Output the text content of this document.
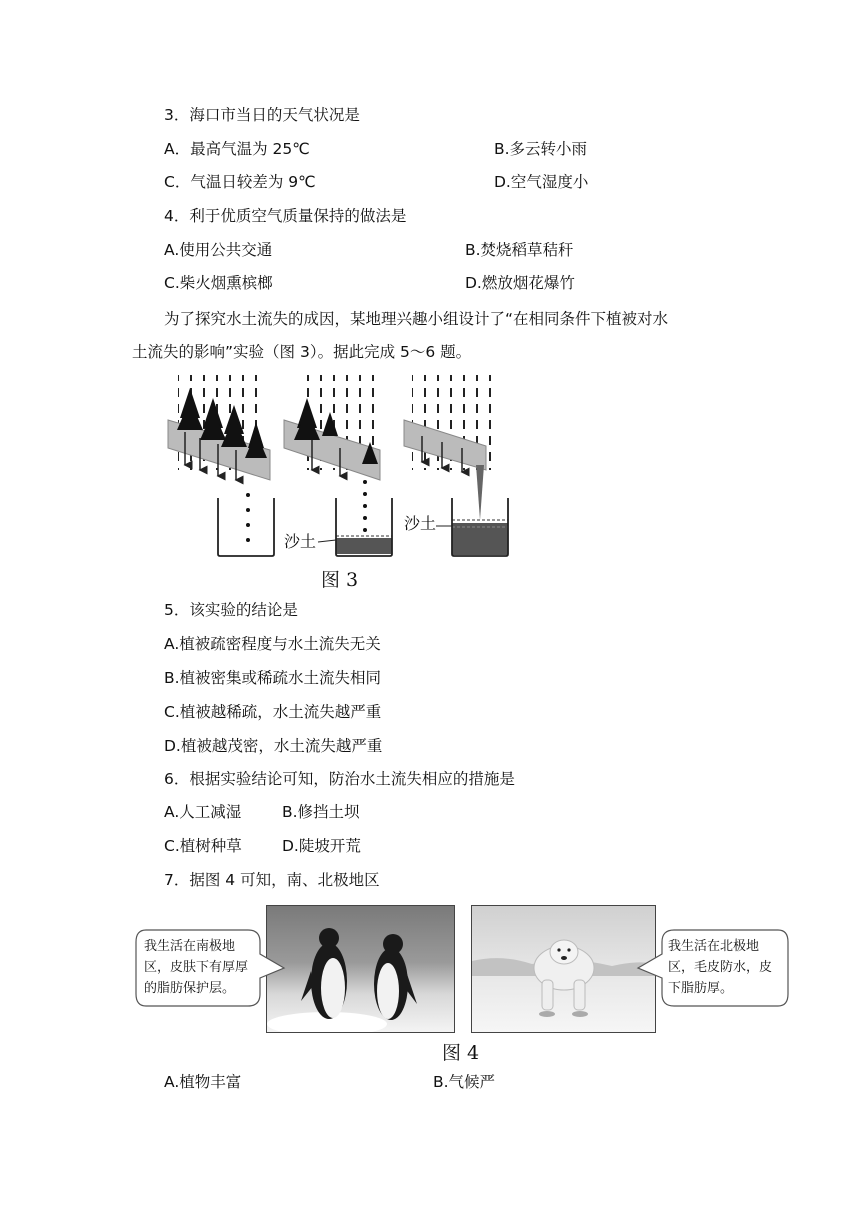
3．海口市当日的天气状况是
A．最高气温为 25℃	B.多云转小雨
C．气温日较差为 9℃	D.空气湿度小
4．利于优质空气质量保持的做法是
A.使用公共交通	B.焚烧稻草秸秆
C.柴火烟熏槟榔	D.燃放烟花爆竹
为了探究水土流失的成因，某地理兴趣小组设计了“在相同条件下植被对水
土流失的影响”实验（图 3）。据此完成 5～6 题。
沙土
沙土
图 3
5．该实验的结论是
A.植被疏密程度与水土流失无关
B.植被密集或稀疏水土流失相同
C.植被越稀疏，水土流失越严重
D.植被越茂密，水土流失越严重
6．根据实验结论可知，防治水土流失相应的措施是
A.人工减湿	B.修挡土坝
C.植树种草	D.陡坡开荒
7．据图 4 可知，南、北极地区
我生活在南极地
区，皮肤下有厚厚
的脂肪保护层。
我生活在北极地
区，毛皮防水，皮
下脂肪厚。
图 4
A.植物丰富	B.气候严
